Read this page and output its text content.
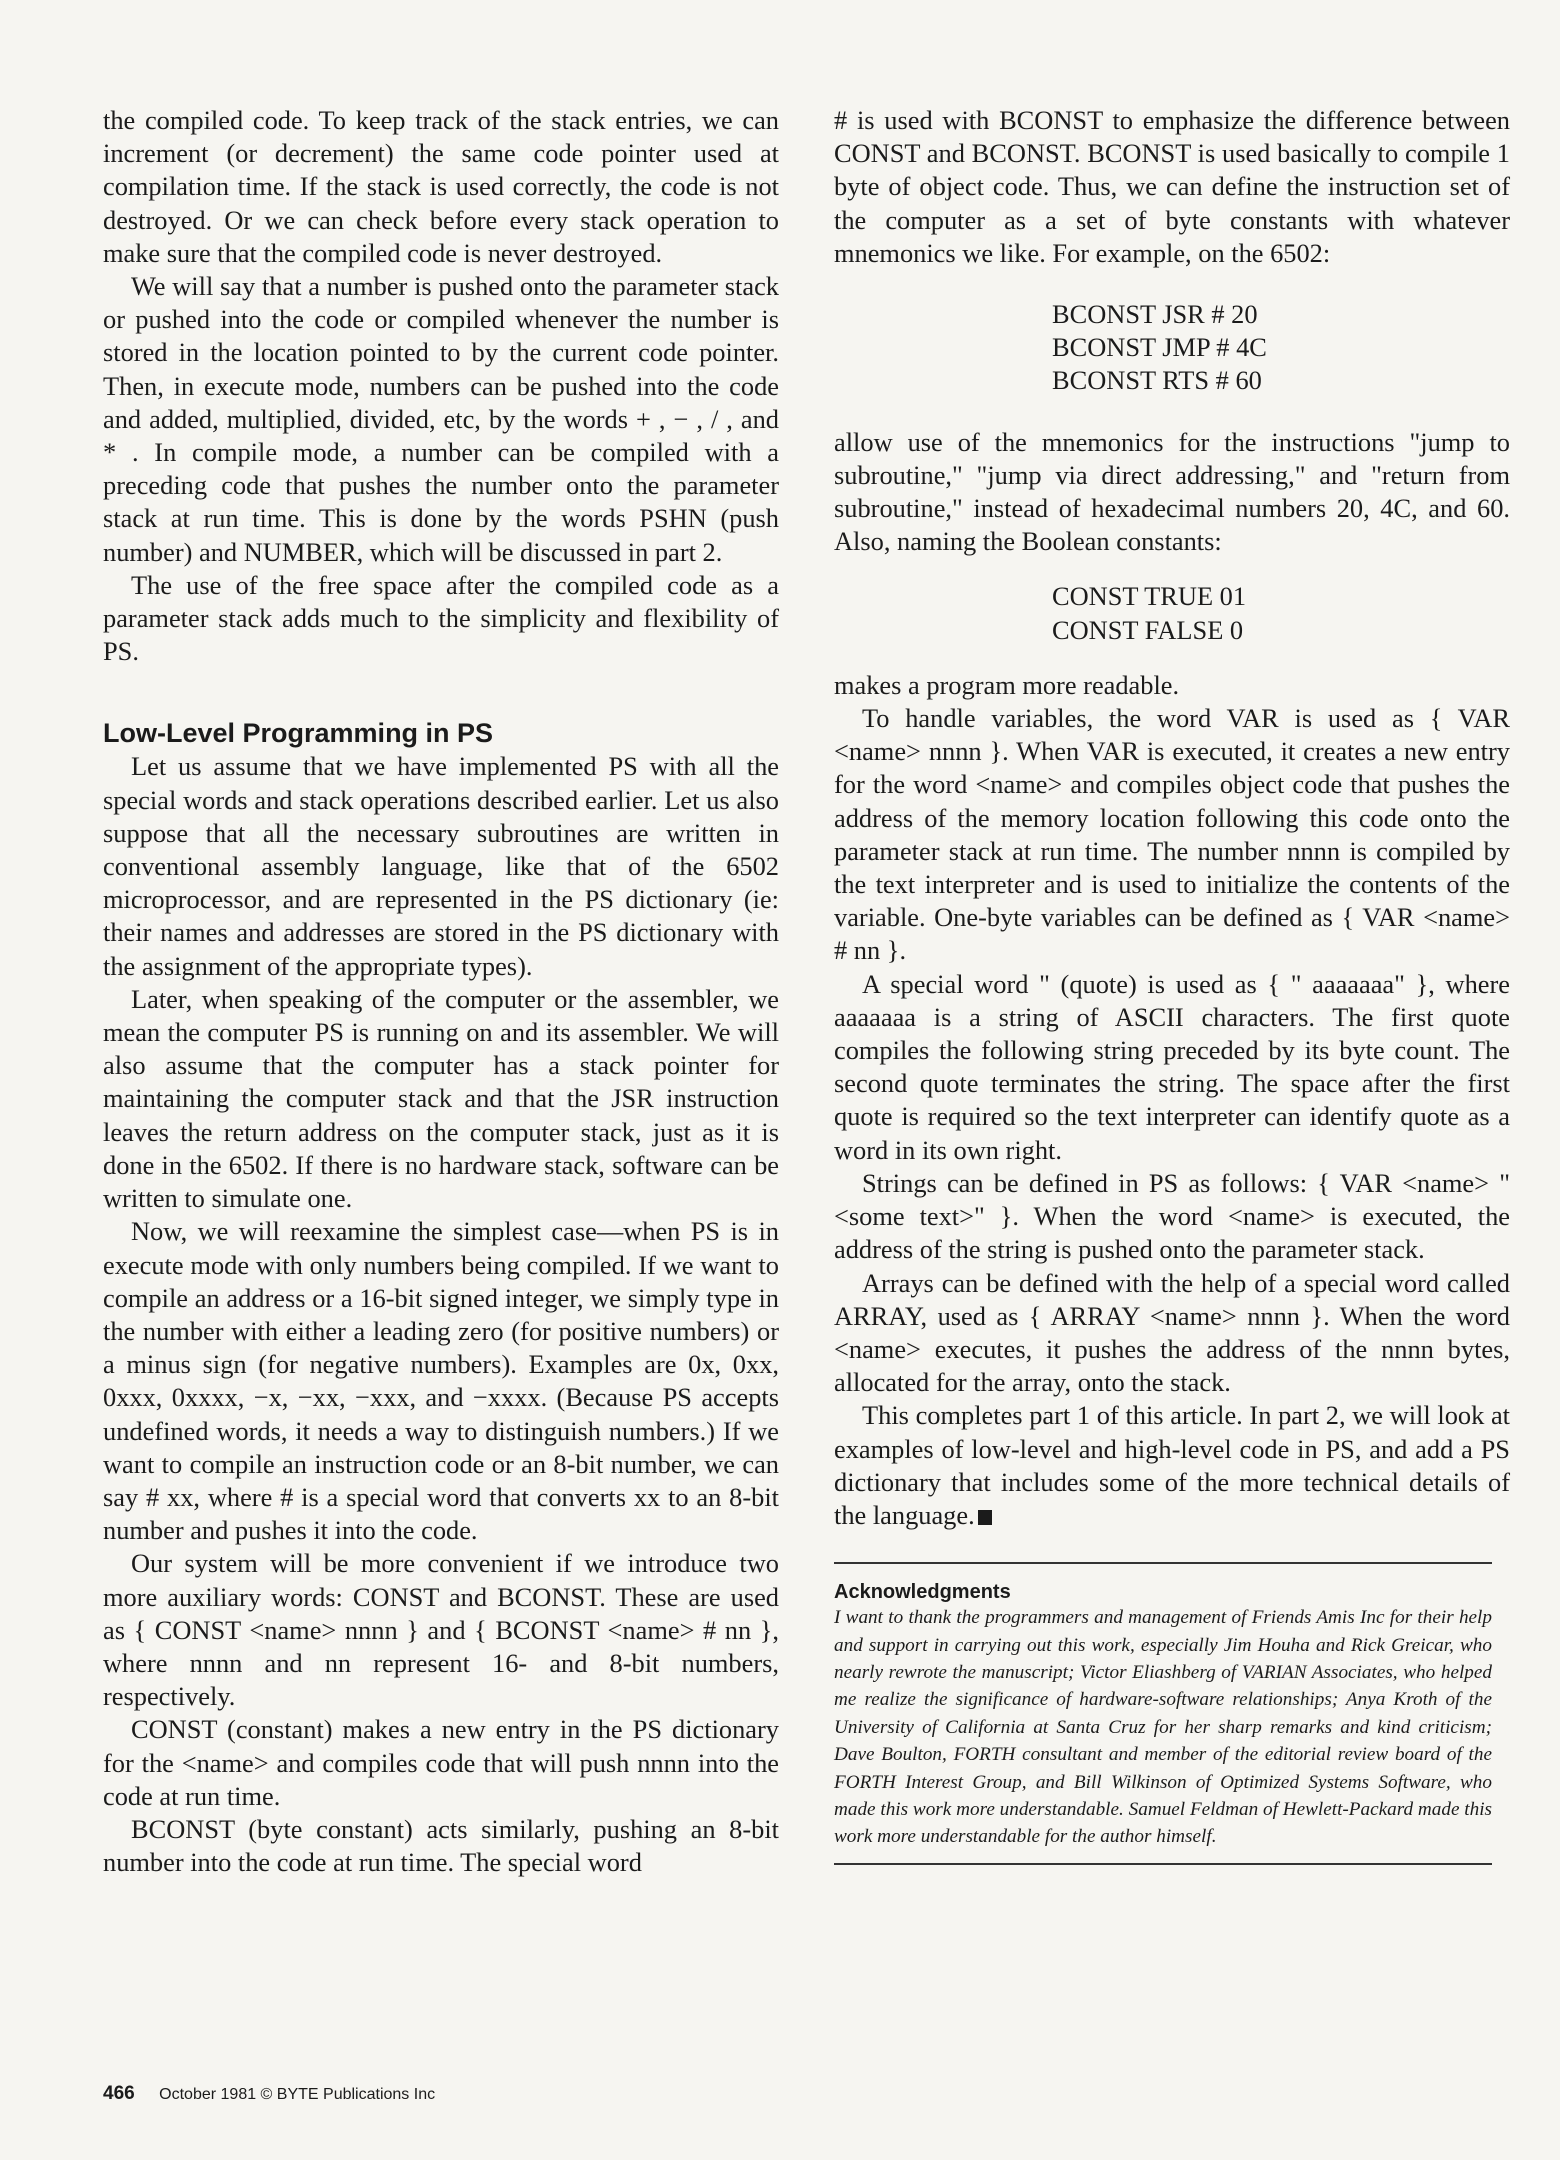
the compiled code. To keep track of the stack entries, we can increment (or decrement) the same code pointer used at compilation time. If the stack is used correctly, the code is not destroyed. Or we can check before every stack operation to make sure that the compiled code is never destroyed.

We will say that a number is pushed onto the parameter stack or pushed into the code or compiled whenever the number is stored in the location pointed to by the current code pointer. Then, in execute mode, numbers can be pushed into the code and added, multiplied, divided, etc, by the words + , − , / , and * . In compile mode, a number can be compiled with a preceding code that pushes the number onto the parameter stack at run time. This is done by the words PSHN (push number) and NUMBER, which will be discussed in part 2.

The use of the free space after the compiled code as a parameter stack adds much to the simplicity and flexibility of PS.

Low-Level Programming in PS

Let us assume that we have implemented PS with all the special words and stack operations described earlier. Let us also suppose that all the necessary subroutines are written in conventional assembly language, like that of the 6502 microprocessor, and are represented in the PS dictionary (ie: their names and addresses are stored in the PS dictionary with the assignment of the appropriate types).

Later, when speaking of the computer or the assembler, we mean the computer PS is running on and its assembler. We will also assume that the computer has a stack pointer for maintaining the computer stack and that the JSR instruction leaves the return address on the computer stack, just as it is done in the 6502. If there is no hardware stack, software can be written to simulate one.

Now, we will reexamine the simplest case—when PS is in execute mode with only numbers being compiled. If we want to compile an address or a 16-bit signed integer, we simply type in the number with either a leading zero (for positive numbers) or a minus sign (for negative numbers). Examples are 0x, 0xx, 0xxx, 0xxxx, −x, −xx, −xxx, and −xxxx. (Because PS accepts undefined words, it needs a way to distinguish numbers.) If we want to compile an instruction code or an 8-bit number, we can say # xx, where # is a special word that converts xx to an 8-bit number and pushes it into the code.

Our system will be more convenient if we introduce two more auxiliary words: CONST and BCONST. These are used as { CONST <name> nnnn } and { BCONST <name> # nn }, where nnnn and nn represent 16- and 8-bit numbers, respectively.

CONST (constant) makes a new entry in the PS dictionary for the <name> and compiles code that will push nnnn into the code at run time.

BCONST (byte constant) acts similarly, pushing an 8-bit number into the code at run time. The special word

# is used with BCONST to emphasize the difference between CONST and BCONST. BCONST is used basically to compile 1 byte of object code. Thus, we can define the instruction set of the computer as a set of byte constants with whatever mnemonics we like. For example, on the 6502:

BCONST JSR # 20
BCONST JMP # 4C
BCONST RTS # 60

allow use of the mnemonics for the instructions "jump to subroutine," "jump via direct addressing," and "return from subroutine," instead of hexadecimal numbers 20, 4C, and 60. Also, naming the Boolean constants:

CONST TRUE 01
CONST FALSE 0

makes a program more readable.

To handle variables, the word VAR is used as { VAR <name> nnnn }. When VAR is executed, it creates a new entry for the word <name> and compiles object code that pushes the address of the memory location following this code onto the parameter stack at run time. The number nnnn is compiled by the text interpreter and is used to initialize the contents of the variable. One-byte variables can be defined as { VAR <name> # nn }.

A special word " (quote) is used as { " aaaaaaa" }, where aaaaaaa is a string of ASCII characters. The first quote compiles the following string preceded by its byte count. The second quote terminates the string. The space after the first quote is required so the text interpreter can identify quote as a word in its own right.

Strings can be defined in PS as follows: { VAR <name> " <some text>" }. When the word <name> is executed, the address of the string is pushed onto the parameter stack.

Arrays can be defined with the help of a special word called ARRAY, used as { ARRAY <name> nnnn }. When the word <name> executes, it pushes the address of the nnnn bytes, allocated for the array, onto the stack.

This completes part 1 of this article. In part 2, we will look at examples of low-level and high-level code in PS, and add a PS dictionary that includes some of the more technical details of the language.

Acknowledgments
I want to thank the programmers and management of Friends Amis Inc for their help and support in carrying out this work, especially Jim Houha and Rick Greicar, who nearly rewrote the manuscript; Victor Eliashberg of VARIAN Associates, who helped me realize the significance of hardware-software relationships; Anya Kroth of the University of California at Santa Cruz for her sharp remarks and kind criticism; Dave Boulton, FORTH consultant and member of the editorial review board of the FORTH Interest Group, and Bill Wilkinson of Optimized Systems Software, who made this work more understandable. Samuel Feldman of Hewlett-Packard made this work more understandable for the author himself.
466 October 1981 © BYTE Publications Inc
